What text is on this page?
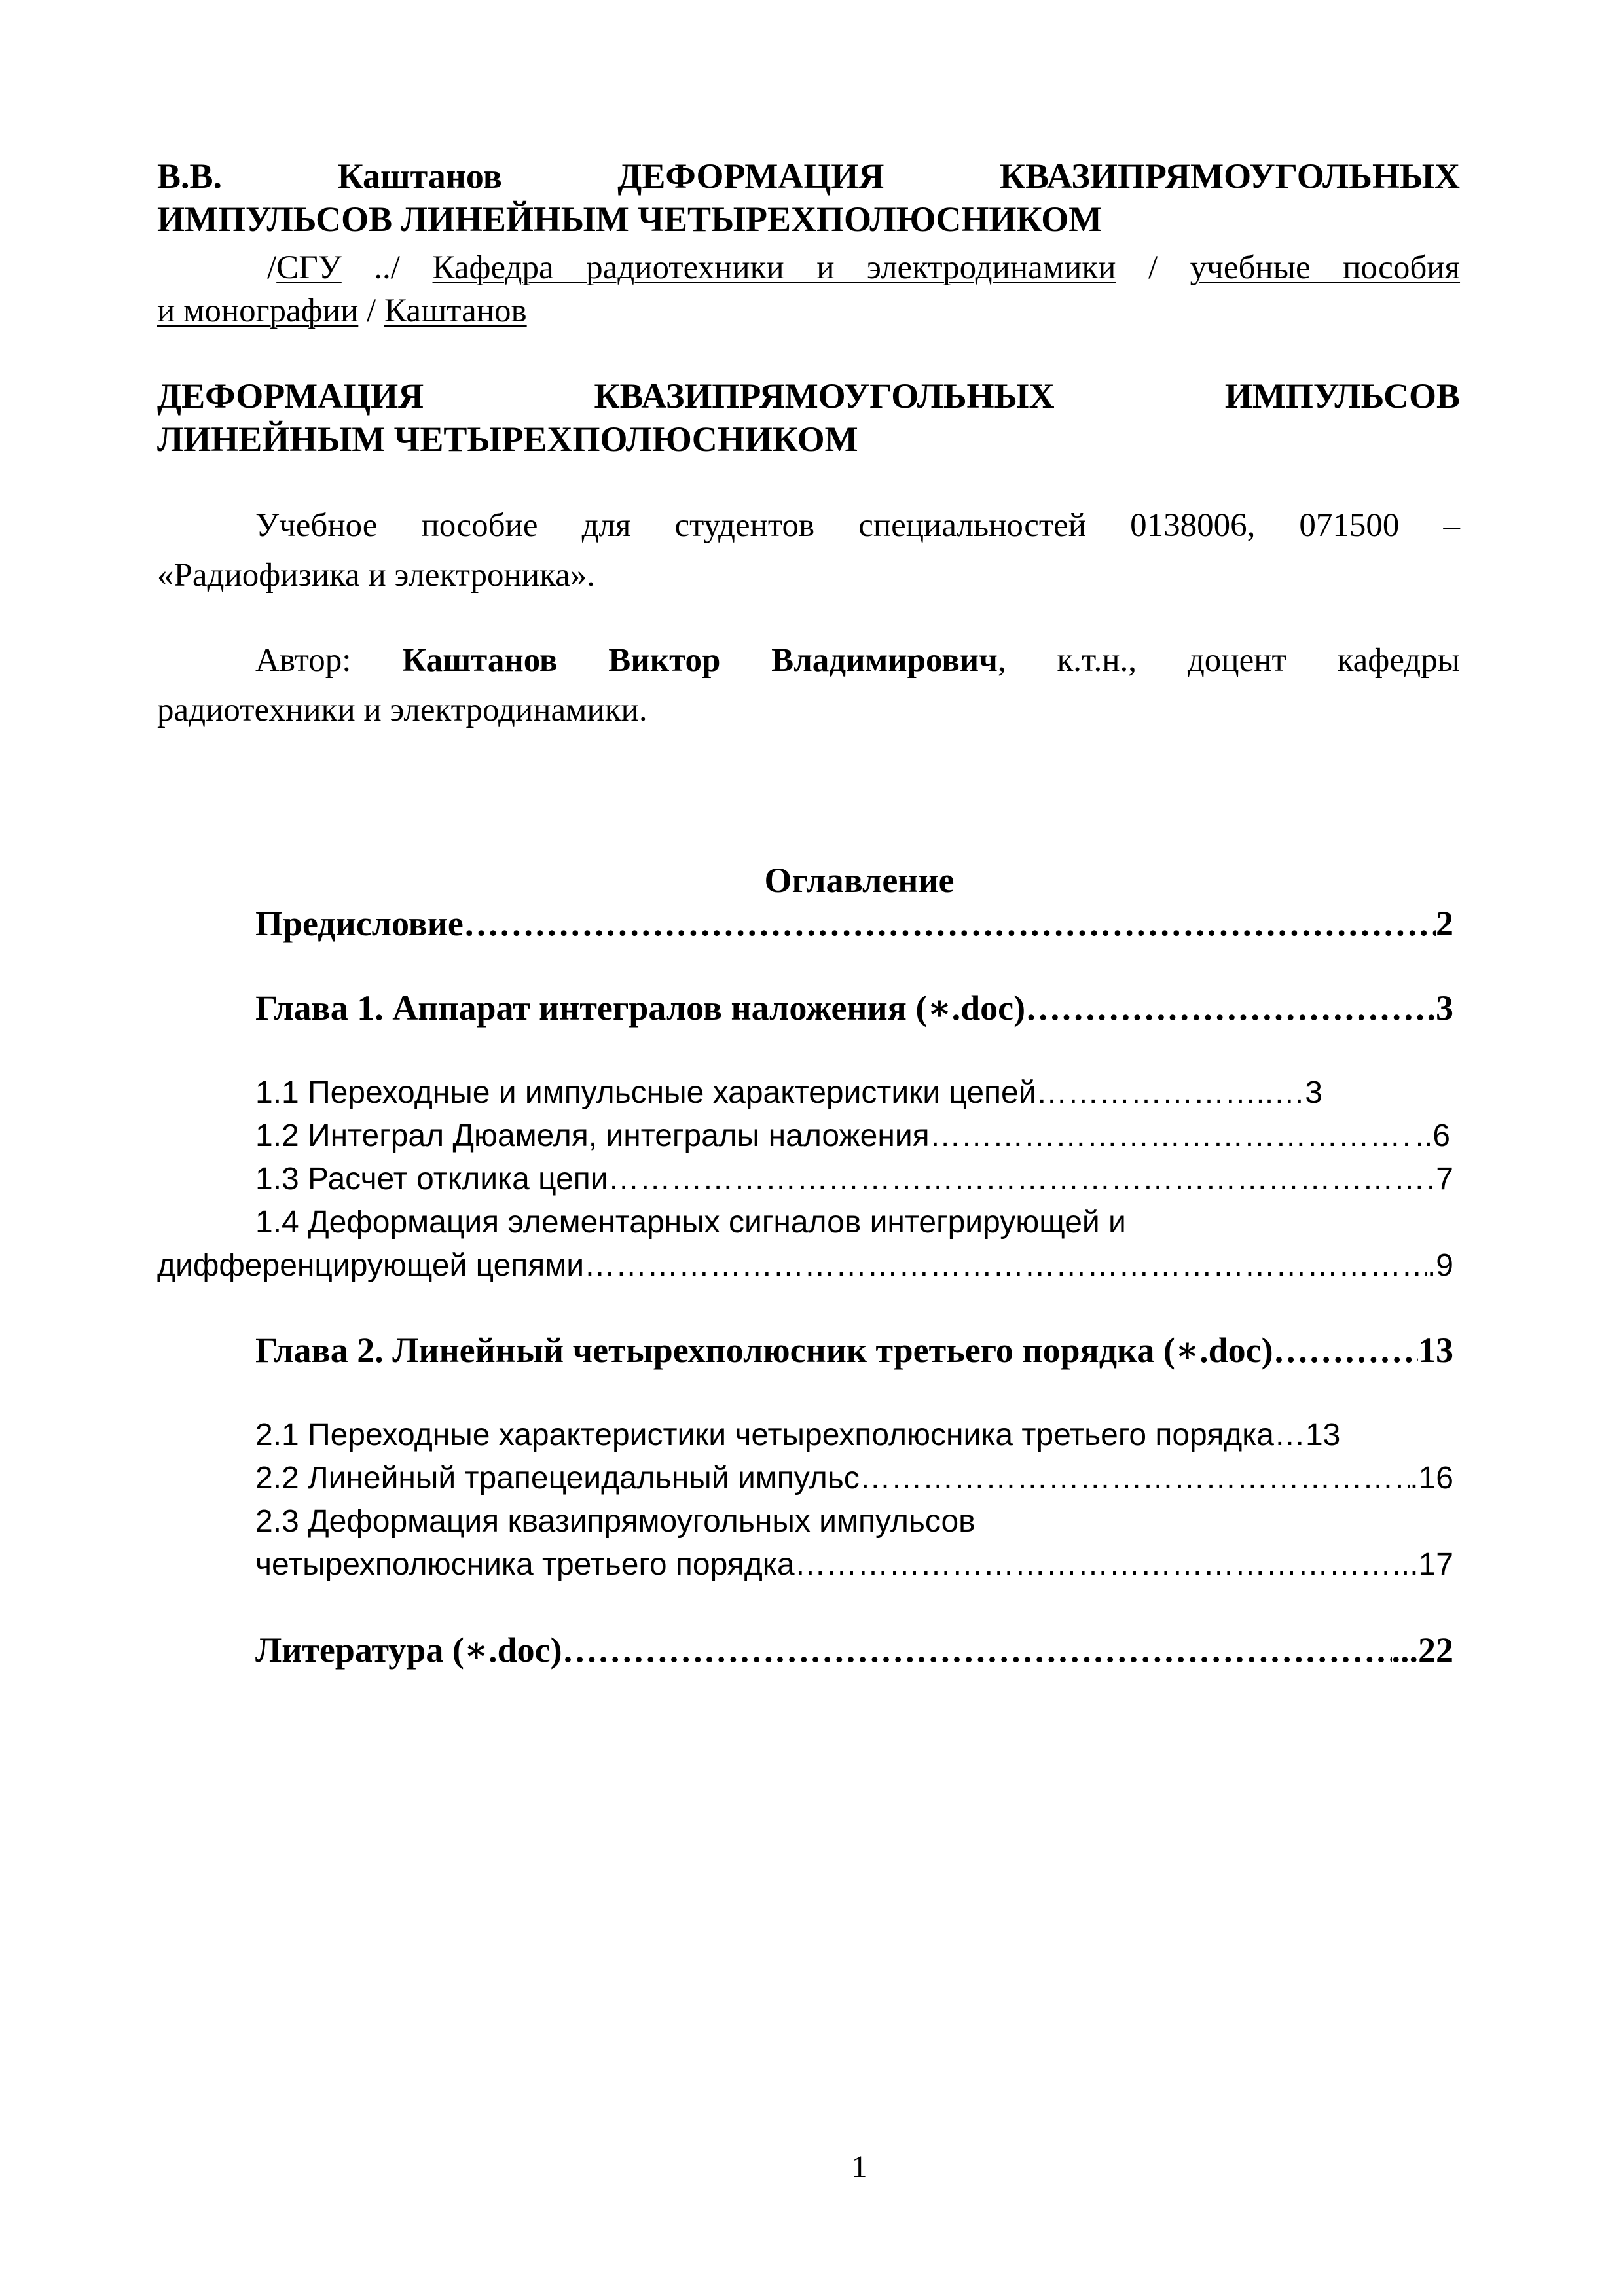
В.В.	Каштанов	ДЕФОРМАЦИЯ КВАЗИПРЯМОУГОЛЬНЫХ
ИМПУЛЬСОВ ЛИНЕЙНЫМ ЧЕТЫРЕХПОЛЮСНИКОМ
/СГУ ../ Кафедра радиотехники и электродинамики / учебные пособия
и монографии / Каштанов
ДЕФОРМАЦИЯ КВАЗИПРЯМОУГОЛЬНЫХ ИМПУЛЬСОВ
ЛИНЕЙНЫМ ЧЕТЫРЕХПОЛЮСНИКОМ
Учебное пособие для студентов специальностей 0138006, 071500 –
«Радиофизика и электроника».
Автор: Каштанов Виктор Владимирович, к.т.н., доцент кафедры
радиотехники и электродинамики.
Оглавление
Предисловие …………………………………………………………………………………………………………………………………………………………………………………………………………	2
Глава 1. Аппарат интегралов наложения (∗.doc) …………………………………………………………………………………………………………………………………………………………………………………………………………	.3
1.1 Переходные и импульсные характеристики цепей………………….. …3
1.2 Интеграл Дюамеля, интегралы наложения …………………………………………………………………………………………………………………………………………………………………………………………………………	..6
1.3 Расчет отклика цепи …………………………………………………………………………………………………………………………………………………………………………………………………………	7
1.4 Деформация элементарных сигналов интегрирующей и
дифференцирующей цепями …………………………………………………………………………………………………………………………………………………………………………………………………………	.9
Глава 2. Линейный четырехполюсник третьего порядка (∗.doc) …………………………………………………………………………………………………………………………………………………………………………………………………………	13
2.1 Переходные характеристики четырехполюсника третьего порядка…13
2.2 Линейный трапецеидальный импульс …………………………………………………………………………………………………………………………………………………………………………………………………………	.16
2.3 Деформация квазипрямоугольных импульсов
четырехполюсника третьего порядка …………………………………………………………………………………………………………………………………………………………………………………………………………	...17
Литература (∗.doc)………………………… …………………………………………………………………………………………………………………………………………………………………………………………………………	...22
1
